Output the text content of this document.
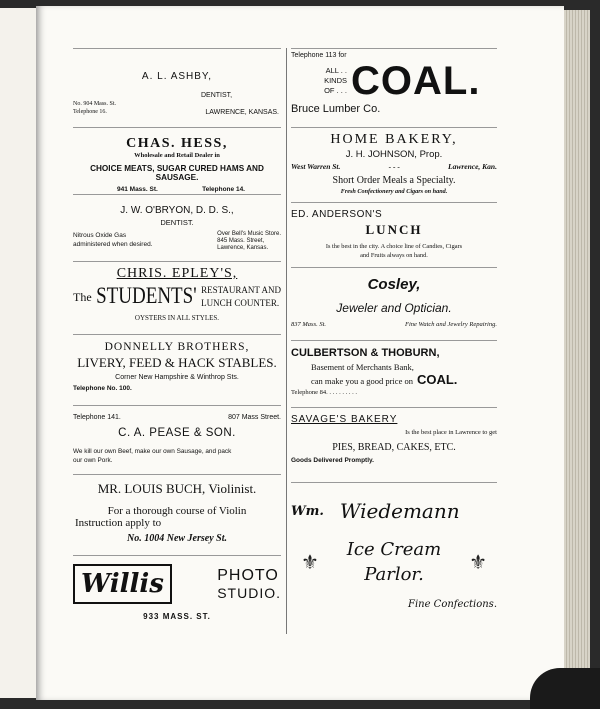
A. L. ASHBY,
DENTIST,
No. 904 Mass. St.
Telephone 16.	LAWRENCE, KANSAS.
CHAS. HESS,
Wholesale and Retail Dealer in
CHOICE MEATS, SUGAR CURED HAMS AND SAUSAGE.
941 Mass. St.	Telephone 14.
J. W. O'BRYON, D. D. S.,
DENTIST.
Nitrous Oxide Gas
administered when desired.
Over Bell's Music Store.
845 Mass. Street,
Lawrence, Kansas.
CHRIS. EPLEY'S,
The STUDENTS' RESTAURANT AND
LUNCH COUNTER.
OYSTERS IN ALL STYLES.
DONNELLY BROTHERS,
LIVERY, FEED & HACK STABLES.
Corner New Hampshire & Winthrop Sts.
Telephone No. 100.
Telephone 141.	807 Mass Street.
C. A. PEASE & SON.
We kill our own Beef, make our own Sausage, and pack
our own Pork.
MR. LOUIS BUCH, Violinist.
For a thorough course of Violin
Instruction apply to
No. 1004 New Jersey St.
Willis	PHOTO
STUDIO.
933 MASS. ST.
Telephone 113 for
ALL . .
KINDS
OF . . . COAL.
Bruce Lumber Co.
HOME BAKERY,
J. H. JOHNSON, Prop.
West Warren St.	- - -	Lawrence, Kan.
Short Order Meals a Specialty.
Fresh Confectionery and Cigars on hand.
ED. ANDERSON'S
LUNCH
Is the best in the city. A choice line of Candies, Cigars
and Fruits always on hand.
Cosley,
Jeweler and Optician.
837 Mass. St.	Fine Watch and Jewelry Repairing.
CULBERTSON & THOBURN,
Basement of Merchants Bank,
can make you a good price on COAL.
Telephone 84. . . . . . . . . .
SAVAGE'S BAKERY
Is the best place in Lawrence to get
PIES, BREAD, CAKES, ETC.
Goods Delivered Promptly.
Wm. Wiedemann
⚜
Ice Cream
Parlor.
⚜
Fine Confections.
